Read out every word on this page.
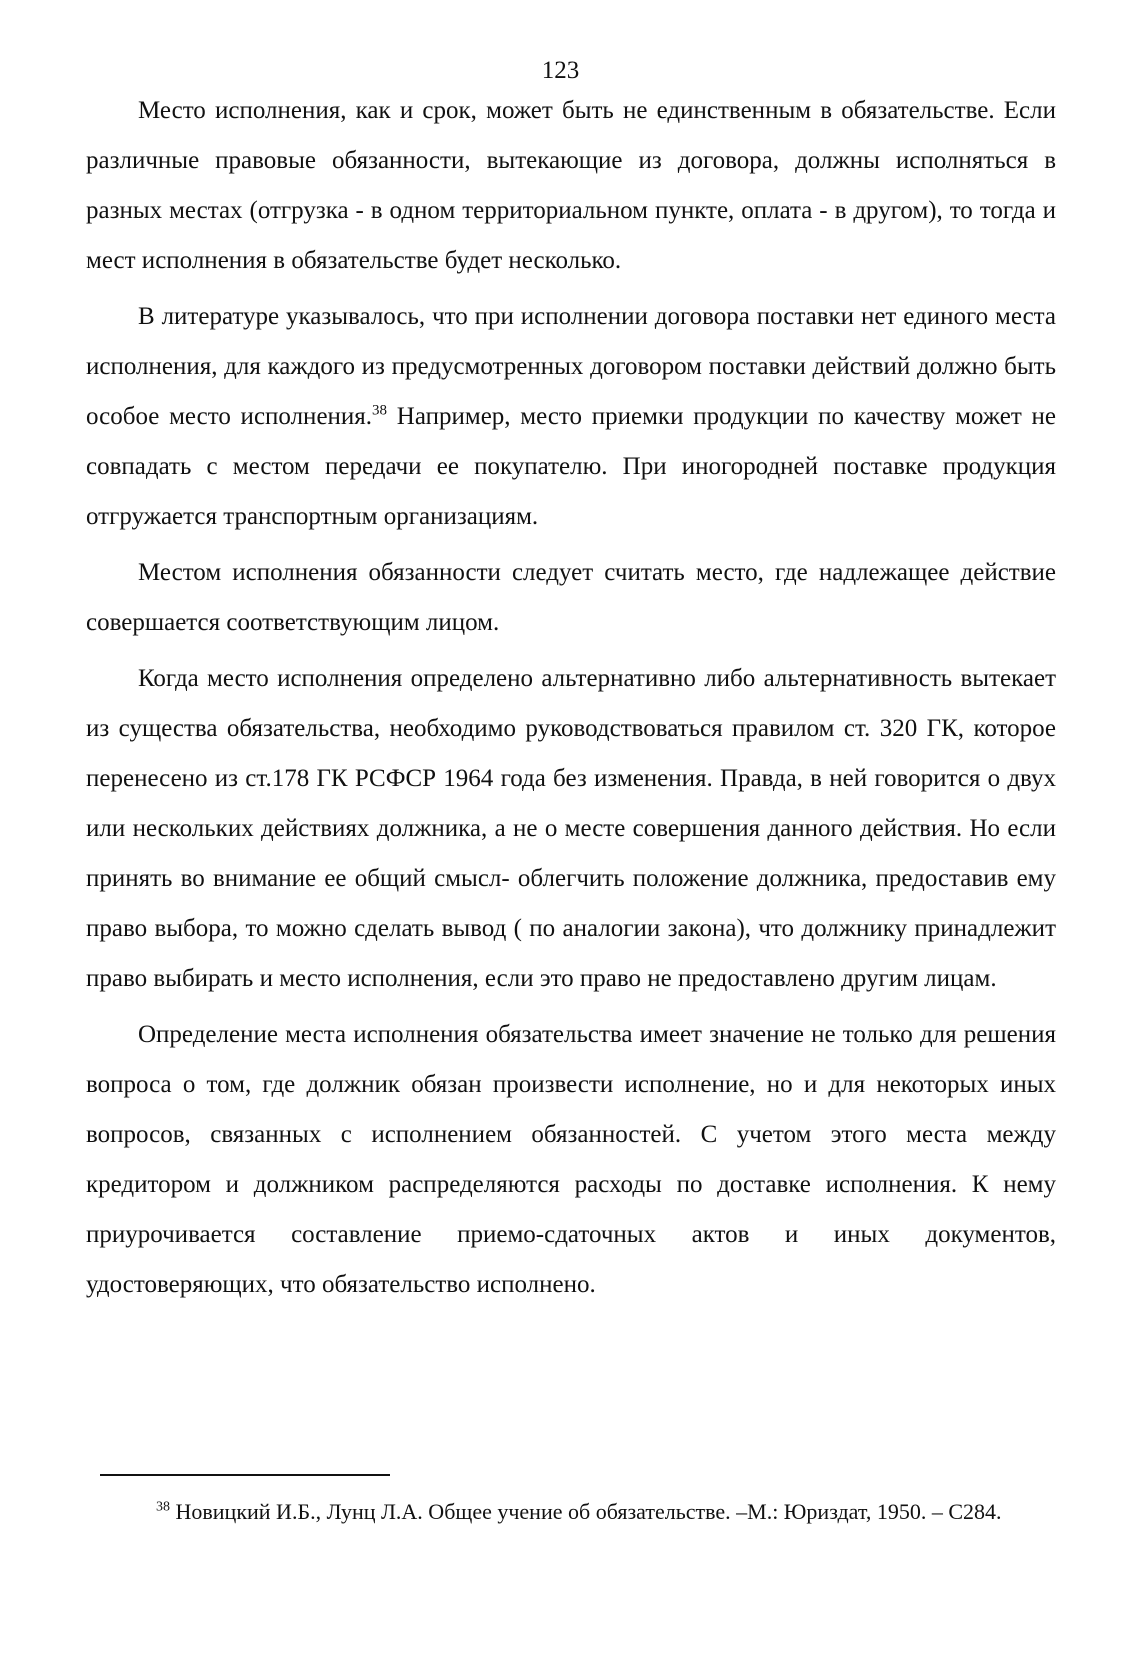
123

Место исполнения, как и срок, может быть не единственным в обязательстве. Если различные правовые обязанности, вытекающие из договора, должны исполняться в разных местах (отгрузка - в одном территориальном пункте, оплата - в другом), то тогда и мест исполнения в обязательстве будет несколько.

В литературе указывалось, что при исполнении договора поставки нет единого места исполнения, для каждого из предусмотренных договором поставки действий должно быть особое место исполнения.$^{38}$ Например, место приемки продукции по качеству может не совпадать с местом передачи ее покупателю. При иногородней поставке продукция отгружается транспортным организациям.

Местом исполнения обязанности следует считать место, где надлежащее действие совершается соответствующим лицом.

Когда место исполнения определено альтернативно либо альтернативность вытекает из существа обязательства, необходимо руководствоваться правилом ст. 320 ГК, которое перенесено из ст.178 ГК РСФСР 1964 года без изменения. Правда, в ней говорится о двух или нескольких действиях должника, а не о месте совершения данного действия. Но если принять во внимание ее общий смысл- облегчить положение должника, предоставив ему право выбора, то можно сделать вывод ( по аналогии закона), что должнику принадлежит право выбирать и место исполнения, если это право не предоставлено другим лицам.

Определение места исполнения обязательства имеет значение не только для решения вопроса о том, где должник обязан произвести исполнение, но и для некоторых иных вопросов, связанных с исполнением обязанностей. С учетом этого места между кредитором и должником распределяются расходы по доставке исполнения. К нему приурочивается составление приемо-сдаточных актов и иных документов, удостоверяющих, что обязательство исполнено.

$^{38}$ Новицкий И.Б., Лунц Л.А. Общее учение об обязательстве. –М.: Юриздат, 1950. – С284.
